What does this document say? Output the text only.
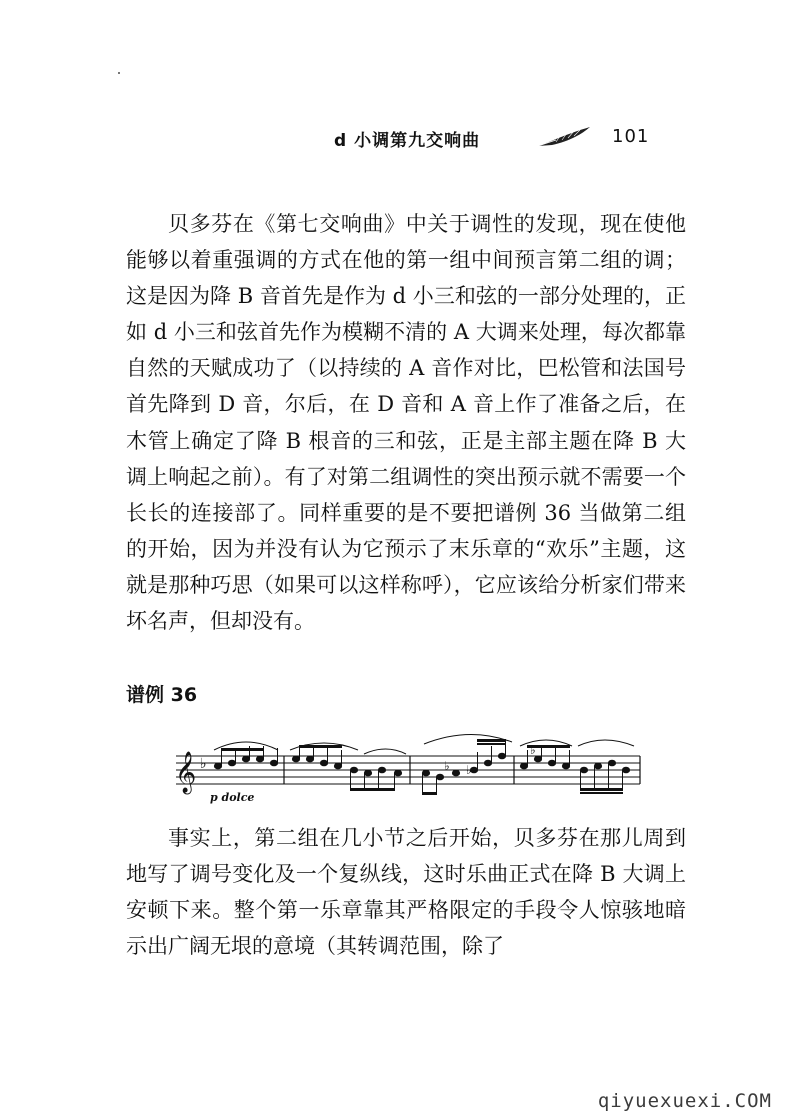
d 小调第九交响曲	101

贝多芬在《第七交响曲》中关于调性的发现，现在使他能够以着重强调的方式在他的第一组中间预言第二组的调；这是因为降 B 音首先是作为 d 小三和弦的一部分处理的，正如 d 小三和弦首先作为模糊不清的 A 大调来处理，每次都靠自然的天赋成功了（以持续的 A 音作对比，巴松管和法国号首先降到 D 音，尔后，在 D 音和 A 音上作了准备之后，在木管上确定了降 B 根音的三和弦，正是主部主题在降 B 大调上响起之前）。有了对第二组调性的突出预示就不需要一个长长的连接部了。同样重要的是不要把谱例 36 当做第二组的开始，因为并没有认为它预示了末乐章的“欢乐”主题，这就是那种巧思（如果可以这样称呼），它应该给分析家们带来坏名声，但却没有。

谱例 36
𝄞 ♭	♭ ♭
♭
p dolce

事实上，第二组在几小节之后开始，贝多芬在那儿周到地写了调号变化及一个复纵线，这时乐曲正式在降 B 大调上安顿下来。整个第一乐章靠其严格限定的手段令人惊骇地暗示出广阔无垠的意境（其转调范围，除了

qiyuexuexi.COM
